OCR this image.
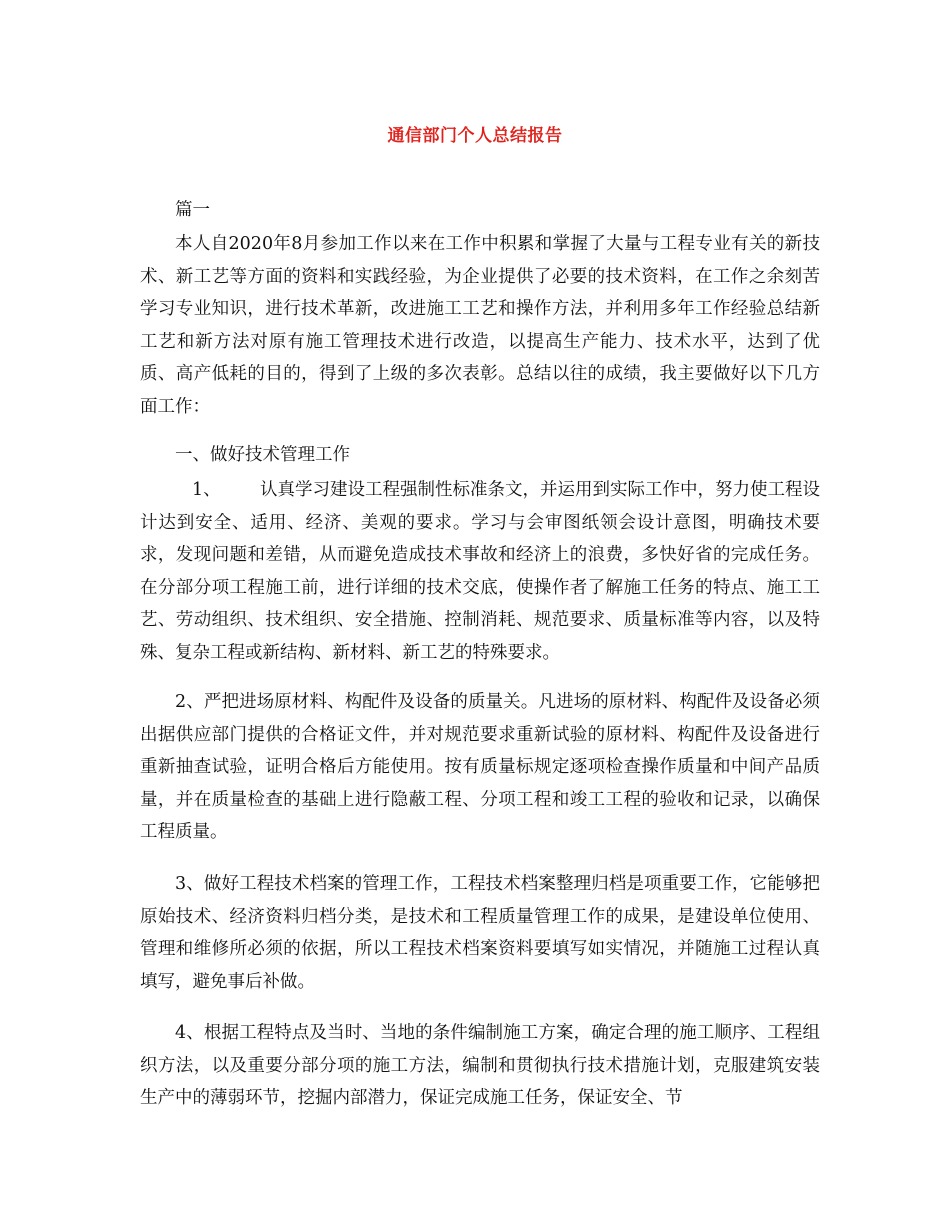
通信部门个人总结报告
篇一

本人自2020年8月参加工作以来在工作中积累和掌握了大量与工程专业有关的新技术、新工艺等方面的资料和实践经验，为企业提供了必要的技术资料，在工作之余刻苦学习专业知识，进行技术革新，改进施工工艺和操作方法，并利用多年工作经验总结新工艺和新方法对原有施工管理技术进行改造，以提高生产能力、技术水平，达到了优质、高产低耗的目的，得到了上级的多次表彰。总结以往的成绩，我主要做好以下几方面工作：

一、做好技术管理工作

1、 认真学习建设工程强制性标准条文，并运用到实际工作中，努力使工程设计达到安全、适用、经济、美观的要求。学习与会审图纸领会设计意图，明确技术要求，发现问题和差错，从而避免造成技术事故和经济上的浪费，多快好省的完成任务。在分部分项工程施工前，进行详细的技术交底，使操作者了解施工任务的特点、施工工艺、劳动组织、技术组织、安全措施、控制消耗、规范要求、质量标准等内容，以及特殊、复杂工程或新结构、新材料、新工艺的特殊要求。

2、严把进场原材料、构配件及设备的质量关。凡进场的原材料、构配件及设备必须出据供应部门提供的合格证文件，并对规范要求重新试验的原材料、构配件及设备进行重新抽查试验，证明合格后方能使用。按有质量标规定逐项检查操作质量和中间产品质量，并在质量检查的基础上进行隐蔽工程、分项工程和竣工工程的验收和记录，以确保工程质量。

3、做好工程技术档案的管理工作，工程技术档案整理归档是项重要工作，它能够把原始技术、经济资料归档分类，是技术和工程质量管理工作的成果，是建设单位使用、管理和维修所必须的依据，所以工程技术档案资料要填写如实情况，并随施工过程认真填写，避免事后补做。

4、根据工程特点及当时、当地的条件编制施工方案，确定合理的施工顺序、工程组织方法，以及重要分部分项的施工方法，编制和贯彻执行技术措施计划，克服建筑安装生产中的薄弱环节，挖掘内部潜力，保证完成施工任务，保证安全、节
